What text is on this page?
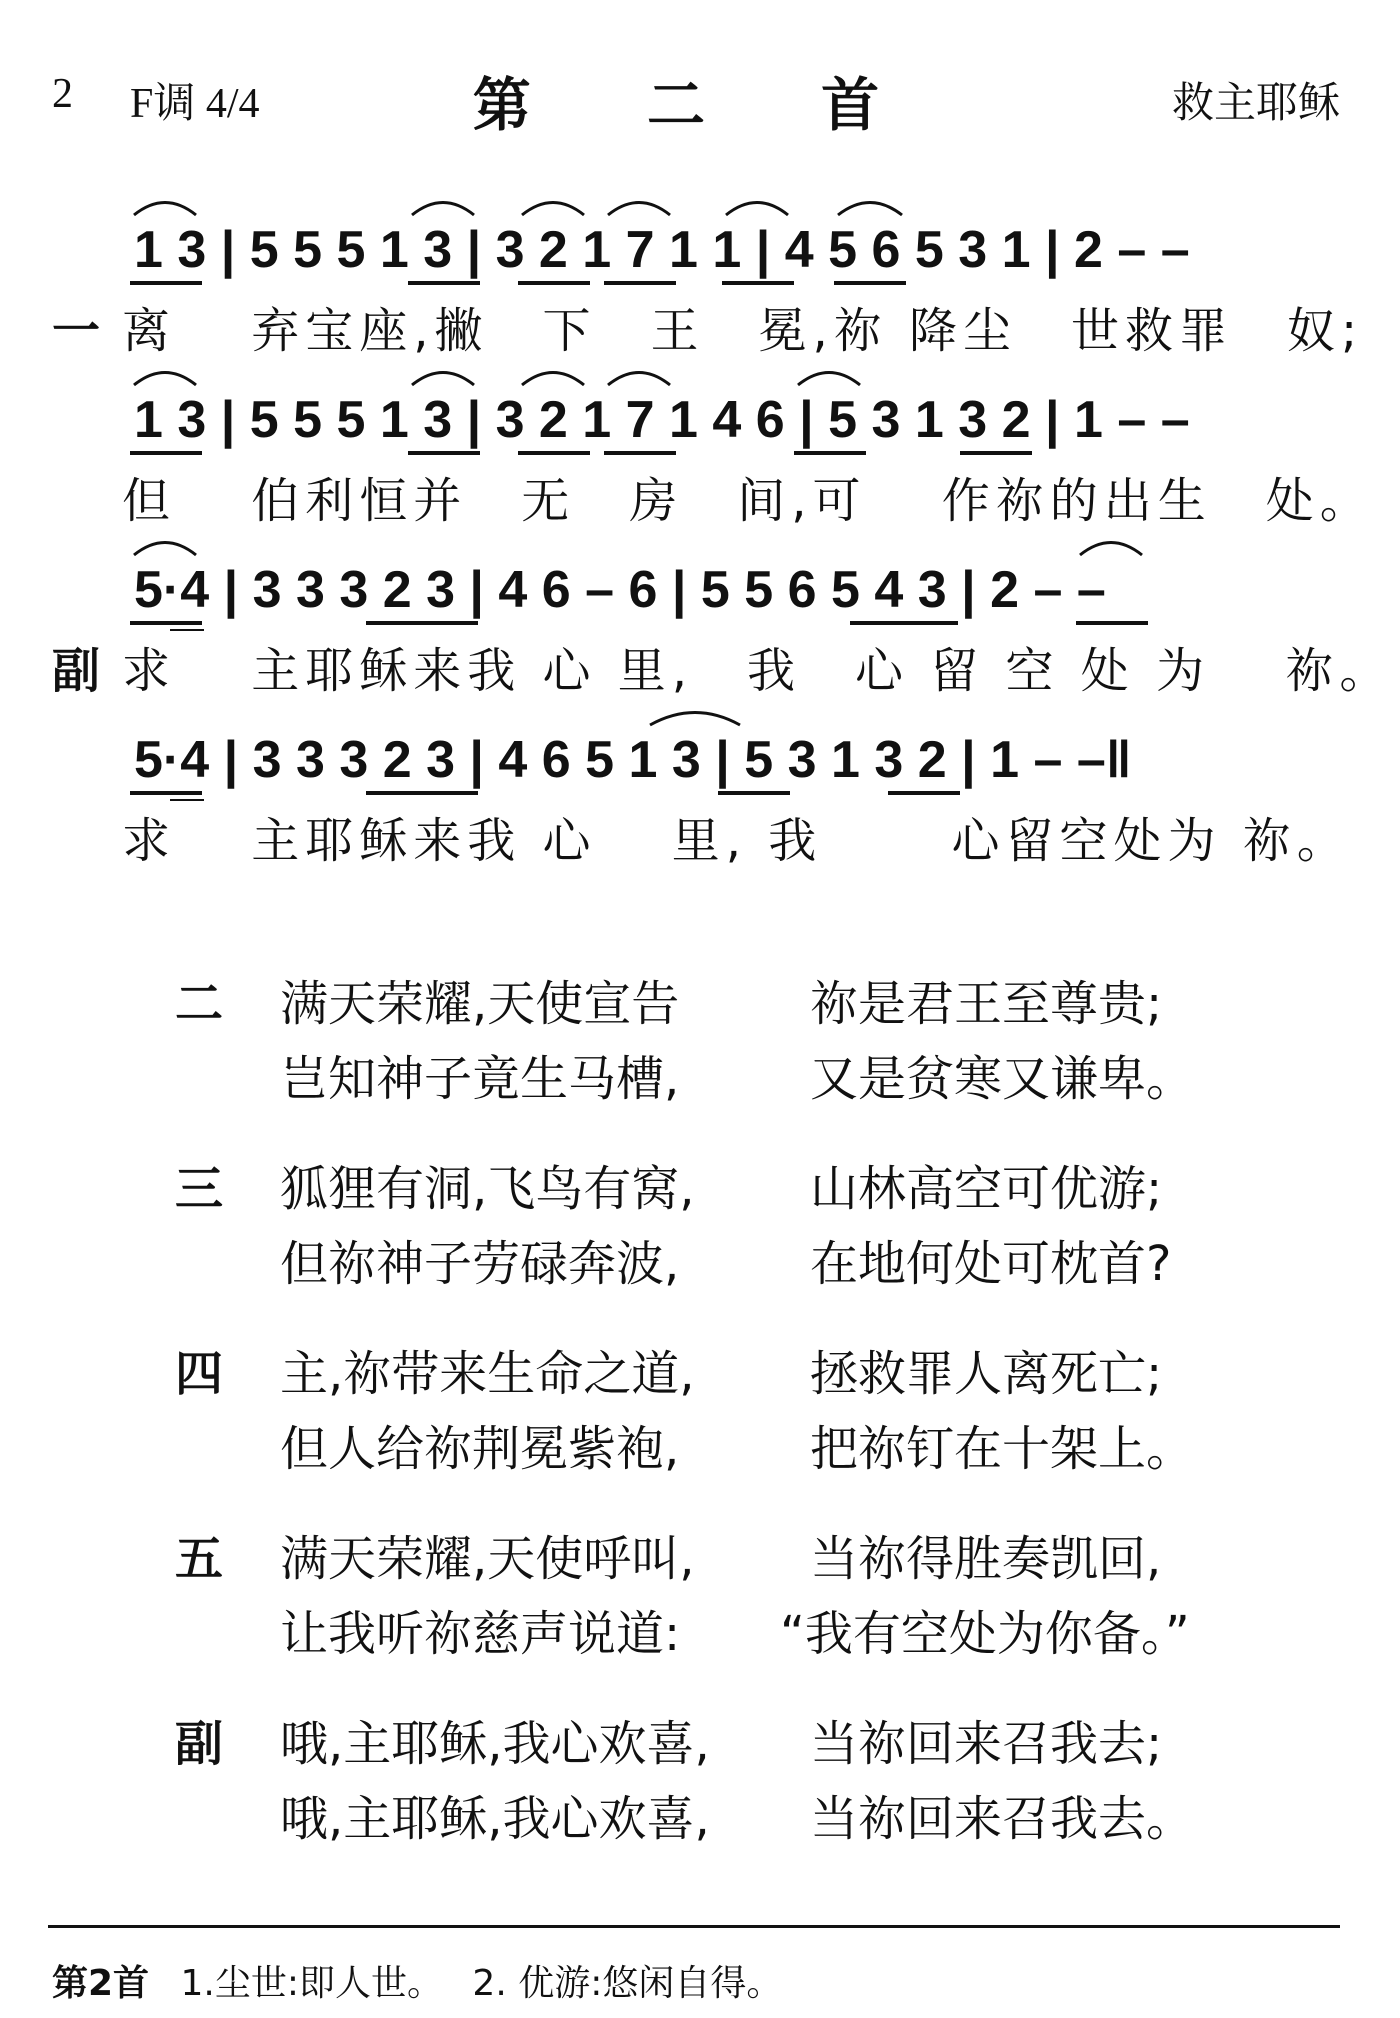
2 F调 4/4	第 二 首	救主耶稣
1 3 | 5 5 5 1 3 | 3 2 1 7 1 1 | 4 5 6 5 3 1 | 2 – –
一 离　 弃宝座,撇　下　王　冕,祢 降尘　世救罪　奴;
1 3 | 5 5 5 1 3 | 3 2 1 7 1 4 6 | 5 3 1 3 2 | 1 – –
但　 伯利恒并　无　房　间,可　 作祢的出生　处。
5·4 | 3 3 3 2 3 | 4 6 – 6 | 5 5 6 5 4 3 | 2 – –
副 求　 主耶稣来我 心 里,　我　心 留 空 处 为　 祢。
5·4 | 3 3 3 2 3 | 4 6 5 1 3 | 5 3 1 3 2 | 1 – –‖
求　 主耶稣来我 心　 里, 我　　 心留空处为 祢。
二 满天荣耀,天使宣告	祢是君王至尊贵;
岂知神子竟生马槽,	又是贫寒又谦卑。
三 狐狸有洞,飞鸟有窝, 山林高空可优游;
但祢神子劳碌奔波,	在地何处可枕首?
四 主,祢带来生命之道, 拯救罪人离死亡;
但人给祢荆冕紫袍,	把祢钉在十架上。
五 满天荣耀,天使呼叫, 当祢得胜奏凯回,
让我听祢慈声说道: “我有空处为你备。”
副 哦,主耶稣,我心欢喜, 当祢回来召我去;
哦,主耶稣,我心欢喜, 当祢回来召我去。
第2首 1.尘世:即人世。　 2. 优游:悠闲自得。
